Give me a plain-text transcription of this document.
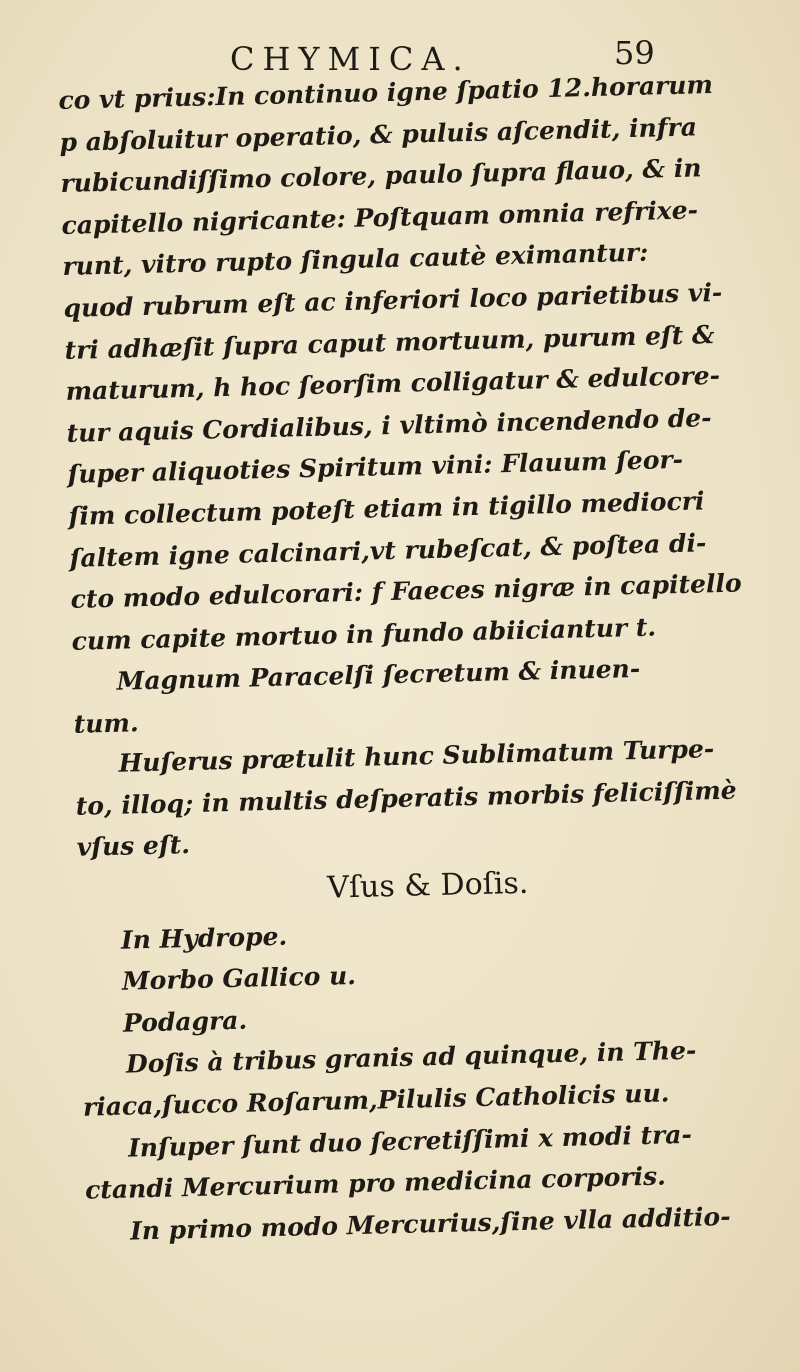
CHYMICA.	59
co vt prius:In continuo igne ſpatio 12.horarum
p abſoluitur operatio, & puluis aſcendit, infra
rubicundiſſimo colore, paulo ſupra flauo, & in
capitello nigricante: Poſtquam omnia refrixe-
runt, vitro rupto ſingula cautè eximantur:
quod rubrum eſt ac inferiori loco parietibus vi-
tri adhæſit ſupra caput mortuum, purum eſt &
maturum, h hoc ſeorſim colligatur & edulcore-
tur aquis Cordialibus, i vltimò incendendo de-
ſuper aliquoties Spiritum vini: Flauum ſeor-
ſim collectum poteſt etiam in tigillo mediocri
ſaltem igne calcinari,vt rubeſcat, & poſtea di-
cto modo edulcorari: f Faeces nigræ in capitello
cum capite mortuo in fundo abiiciantur t.
Magnum Paracelſi ſecretum & inuen-
tum.
Huſerus prætulit hunc Sublimatum Turpe-
to, illoq; in multis deſperatis morbis feliciſſimè
vſus eſt.
Vſus & Doſis.
In Hydrope.
Morbo Gallico u.
Podagra.
Doſis à tribus granis ad quinque, in The-
riaca,ſucco Roſarum,Pilulis Catholicis uu.
Inſuper ſunt duo ſecretiſſimi x modi tra-
ctandi Mercurium pro medicina corporis.
In primo modo Mercurius,ſine vlla additio-
